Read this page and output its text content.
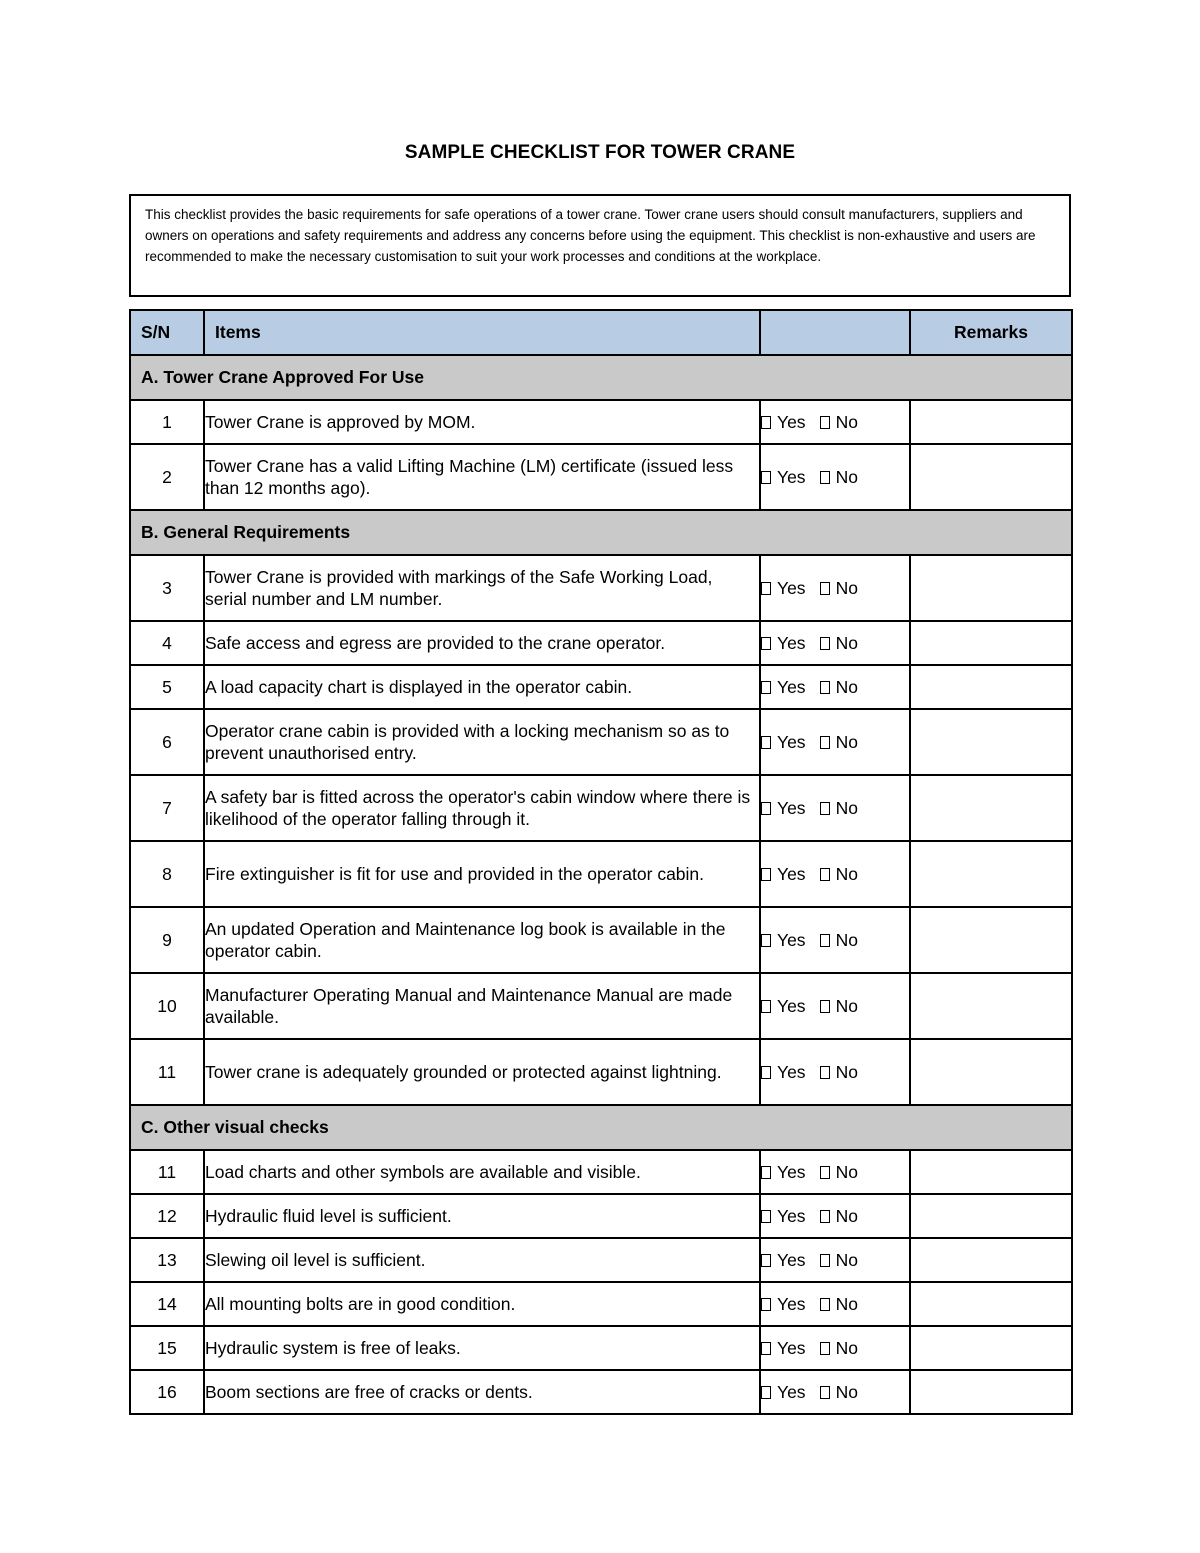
SAMPLE CHECKLIST FOR TOWER CRANE
This checklist provides the basic requirements for safe operations of a tower crane. Tower crane users should consult manufacturers, suppliers and owners on operations and safety requirements and address any concerns before using the equipment. This checklist is non-exhaustive and users are recommended to make the necessary customisation to suit your work processes and conditions at the workplace.
S/N	Items		Remarks
A. Tower Crane Approved For Use			
1	Tower Crane is approved by MOM.	Yes No	
2	Tower Crane has a valid Lifting Machine (LM) certificate (issued less than 12 months ago).	Yes No	
B. General Requirements			
3	Tower Crane is provided with markings of the Safe Working Load, serial number and LM number.	Yes No	
4	Safe access and egress are provided to the crane operator.	Yes No	
5	A load capacity chart is displayed in the operator cabin.	Yes No	
6	Operator crane cabin is provided with a locking mechanism so as to prevent unauthorised entry.	Yes No	
7	A safety bar is fitted across the operator's cabin window where there is likelihood of the operator falling through it.	Yes No	
8	Fire extinguisher is fit for use and provided in the operator cabin.	Yes No	
9	An updated Operation and Maintenance log book is available in the operator cabin.	Yes No	
10	Manufacturer Operating Manual and Maintenance Manual are made available.	Yes No	
11	Tower crane is adequately grounded or protected against lightning.	Yes No	
C. Other visual checks			
11	Load charts and other symbols are available and visible.	Yes No	
12	Hydraulic fluid level is sufficient.	Yes No	
13	Slewing oil level is sufficient.	Yes No	
14	All mounting bolts are in good condition.	Yes No	
15	Hydraulic system is free of leaks.	Yes No	
16	Boom sections are free of cracks or dents.	Yes No	
